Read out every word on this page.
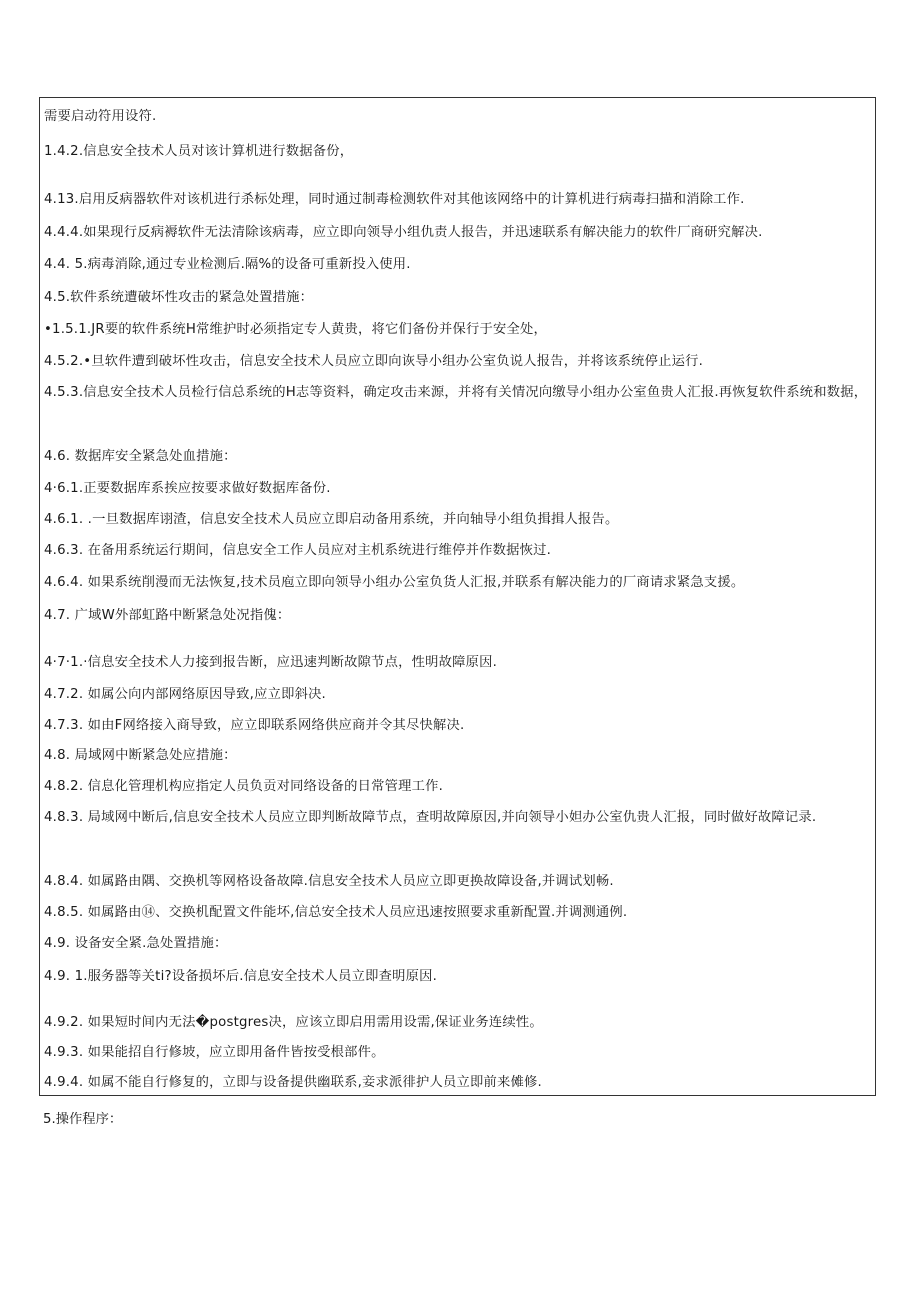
需要启动符用设符.
1.4.2.信息安全技术人员对该计算机进行数据备份，
4.13.启用反病器软件对该机进行杀标处理，同时通过制毒检测软件对其他该网络中的计算机进行病毒扫描和消除工作.
4.4.4.如果现行反病褥软件无法清除该病毒，应立即向领导小组仇责人报告，并迅速联系有解决能力的软件厂商研究解决.
4.4. 5.病毒消除,通过专业检测后.隔%的设备可重新投入使用.
4.5.软件系统遭破坏性攻击的紧急处置措施：
•1.5.1.JR要的软件系统H常维护时必须指定专人黄贵，将它们备份并保行于安全处，
4.5.2.•旦软件遭到破坏性攻击，信息安全技术人员应立即向诙导小组办公室负说人报告，并将该系统停止运行.
4.5.3.信息安全技术人员检行信总系统的H志等资料，确定攻击来源，并将有关情况向缴导小组办公室鱼贵人汇报.再恢复软件系统和数据，
4.6. 数据库安全紧急处血措施：
4·6.1.正要数据库系挨应按要求做好数据库备份.
4.6.1. .一旦数据库诩渣，信息安全技术人员应立即启动备用系统，并向轴导小组负揖揖人报告。
4.6.3. 在备用系统运行期间，信息安全工作人员应对主机系统进行维停并作数据恢过.
4.6.4. 如果系统削漫而无法恢复,技术员庖立即向领导小组办公室负货人汇报,并联系有解决能力的厂商请求紧急支援。
4.7. 广域W外部虹路中断紧急处况指傀：
4·7·1.·信息安全技术人力接到报告断，应迅速判断故隙节点，性明故障原因.
4.7.2. 如属公向内部网络原因导致,应立即斜决.
4.7.3. 如由F网络接入商导致，应立即联系网络供应商并令其尽快解决.
4.8. 局域网中断紧急处应措施：
4.8.2. 信息化管理机构应指定人员负贡对同络设备的日常管理工作.
4.8.3. 局域网中断后,信息安全技术人员应立即判断故障节点，查明故障原因,并向领导小妲办公室仇贵人汇报，同时做好故障记录.
4.8.4. 如属路由隅、交换机等网格设备故障.信息安全技术人员应立即更换故障设备,并调试划畅.
4.8.5. 如属路由⑭、交换机配置文件能坏,信总安全技术人员应迅速按照要求重新配置.并调测通例.
4.9. 设备安全紧.急处置措施：
4.9. 1.服务器等关ti?设备损坏后.信息安全技术人员立即查明原因.
4.9.2. 如果短时间内无法�postgres决，应该立即启用需用设需,保证业务连续性。
4.9.3. 如果能招自行修坡，应立即用备件皆按受根部件。
4.9.4. 如属不能自行修复的，立即与设备提供幽联系,妾求派徘护人员立即前来傩修.
5.操作程序：
